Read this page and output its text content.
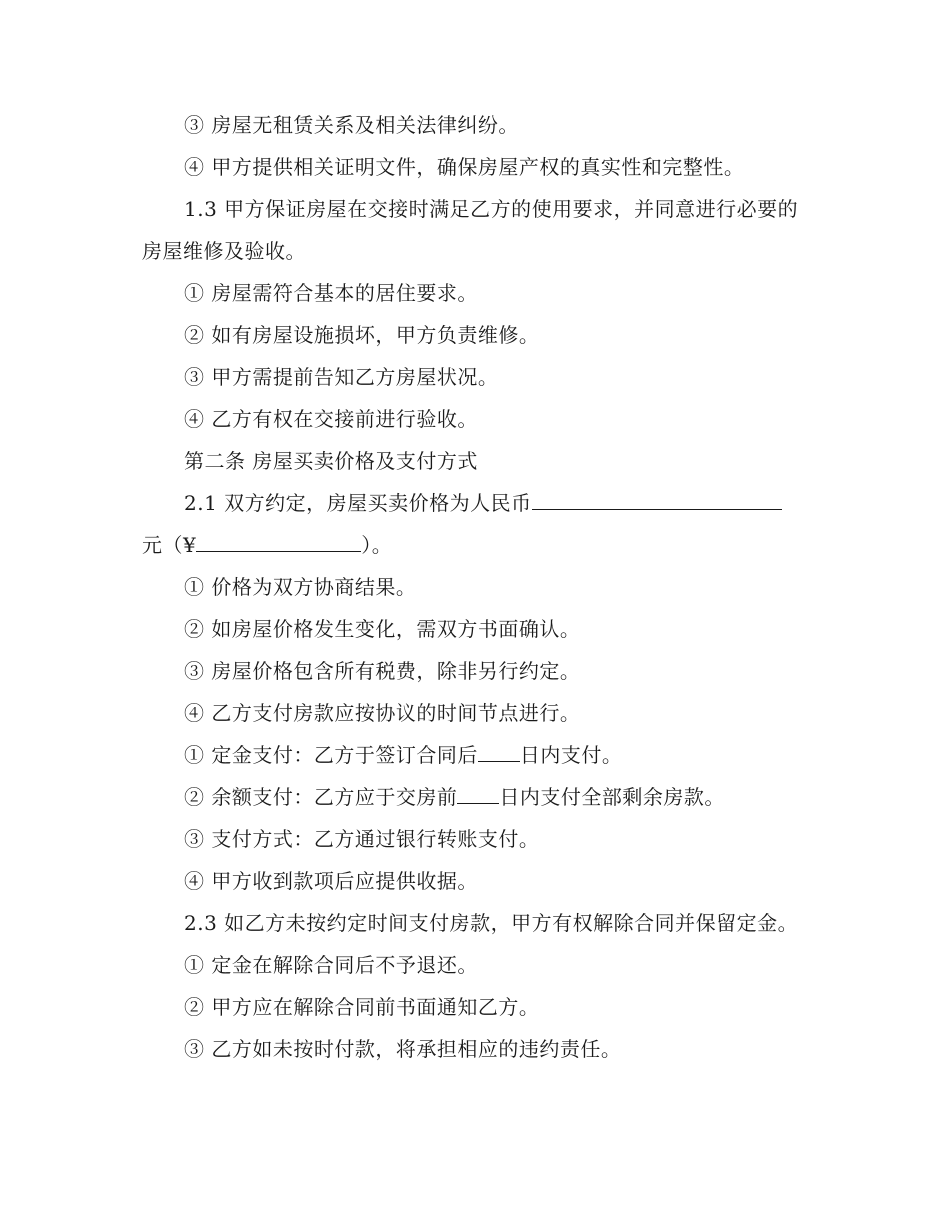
③ 房屋无租赁关系及相关法律纠纷。

④ 甲方提供相关证明文件，确保房屋产权的真实性和完整性。

1.3 甲方保证房屋在交接时满足乙方的使用要求，并同意进行必要的房屋维修及验收。

① 房屋需符合基本的居住要求。

② 如有房屋设施损坏，甲方负责维修。

③ 甲方需提前告知乙方房屋状况。

④ 乙方有权在交接前进行验收。

第二条 房屋买卖价格及支付方式

2.1 双方约定，房屋买卖价格为人民币

元（¥	）。

① 价格为双方协商结果。

② 如房屋价格发生变化，需双方书面确认。

③ 房屋价格包含所有税费，除非另行约定。

④ 乙方支付房款应按协议的时间节点进行。

① 定金支付：乙方于签订合同后 日内支付。

② 余额支付：乙方应于交房前 日内支付全部剩余房款。

③ 支付方式：乙方通过银行转账支付。

④ 甲方收到款项后应提供收据。

2.3 如乙方未按约定时间支付房款，甲方有权解除合同并保留定金。

① 定金在解除合同后不予退还。

② 甲方应在解除合同前书面通知乙方。

③ 乙方如未按时付款，将承担相应的违约责任。
